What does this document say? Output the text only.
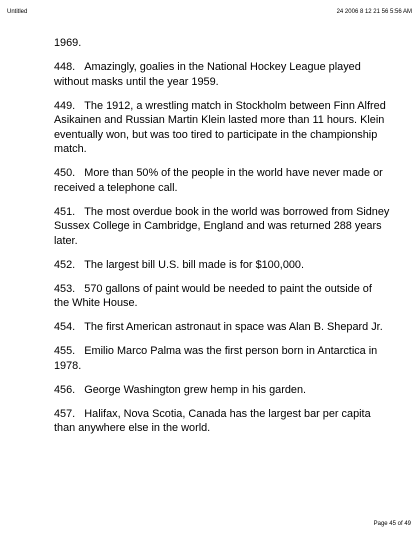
Untitled	24 2006 8 12 21 56 5:56 AM

1969.

448. Amazingly, goalies in the National Hockey League played without masks until the year 1959.

449. The 1912, a wrestling match in Stockholm between Finn Alfred Asikainen and Russian Martin Klein lasted more than 11 hours. Klein eventually won, but was too tired to participate in the championship match.

450. More than 50% of the people in the world have never made or received a telephone call.

451. The most overdue book in the world was borrowed from Sidney Sussex College in Cambridge, England and was returned 288 years later.

452. The largest bill U.S. bill made is for $100,000.

453. 570 gallons of paint would be needed to paint the outside of the White House.

454. The first American astronaut in space was Alan B. Shepard Jr.

455. Emilio Marco Palma was the first person born in Antarctica in 1978.

456. George Washington grew hemp in his garden.

457. Halifax, Nova Scotia, Canada has the largest bar per capita than anywhere else in the world.

Page 45 of 49
